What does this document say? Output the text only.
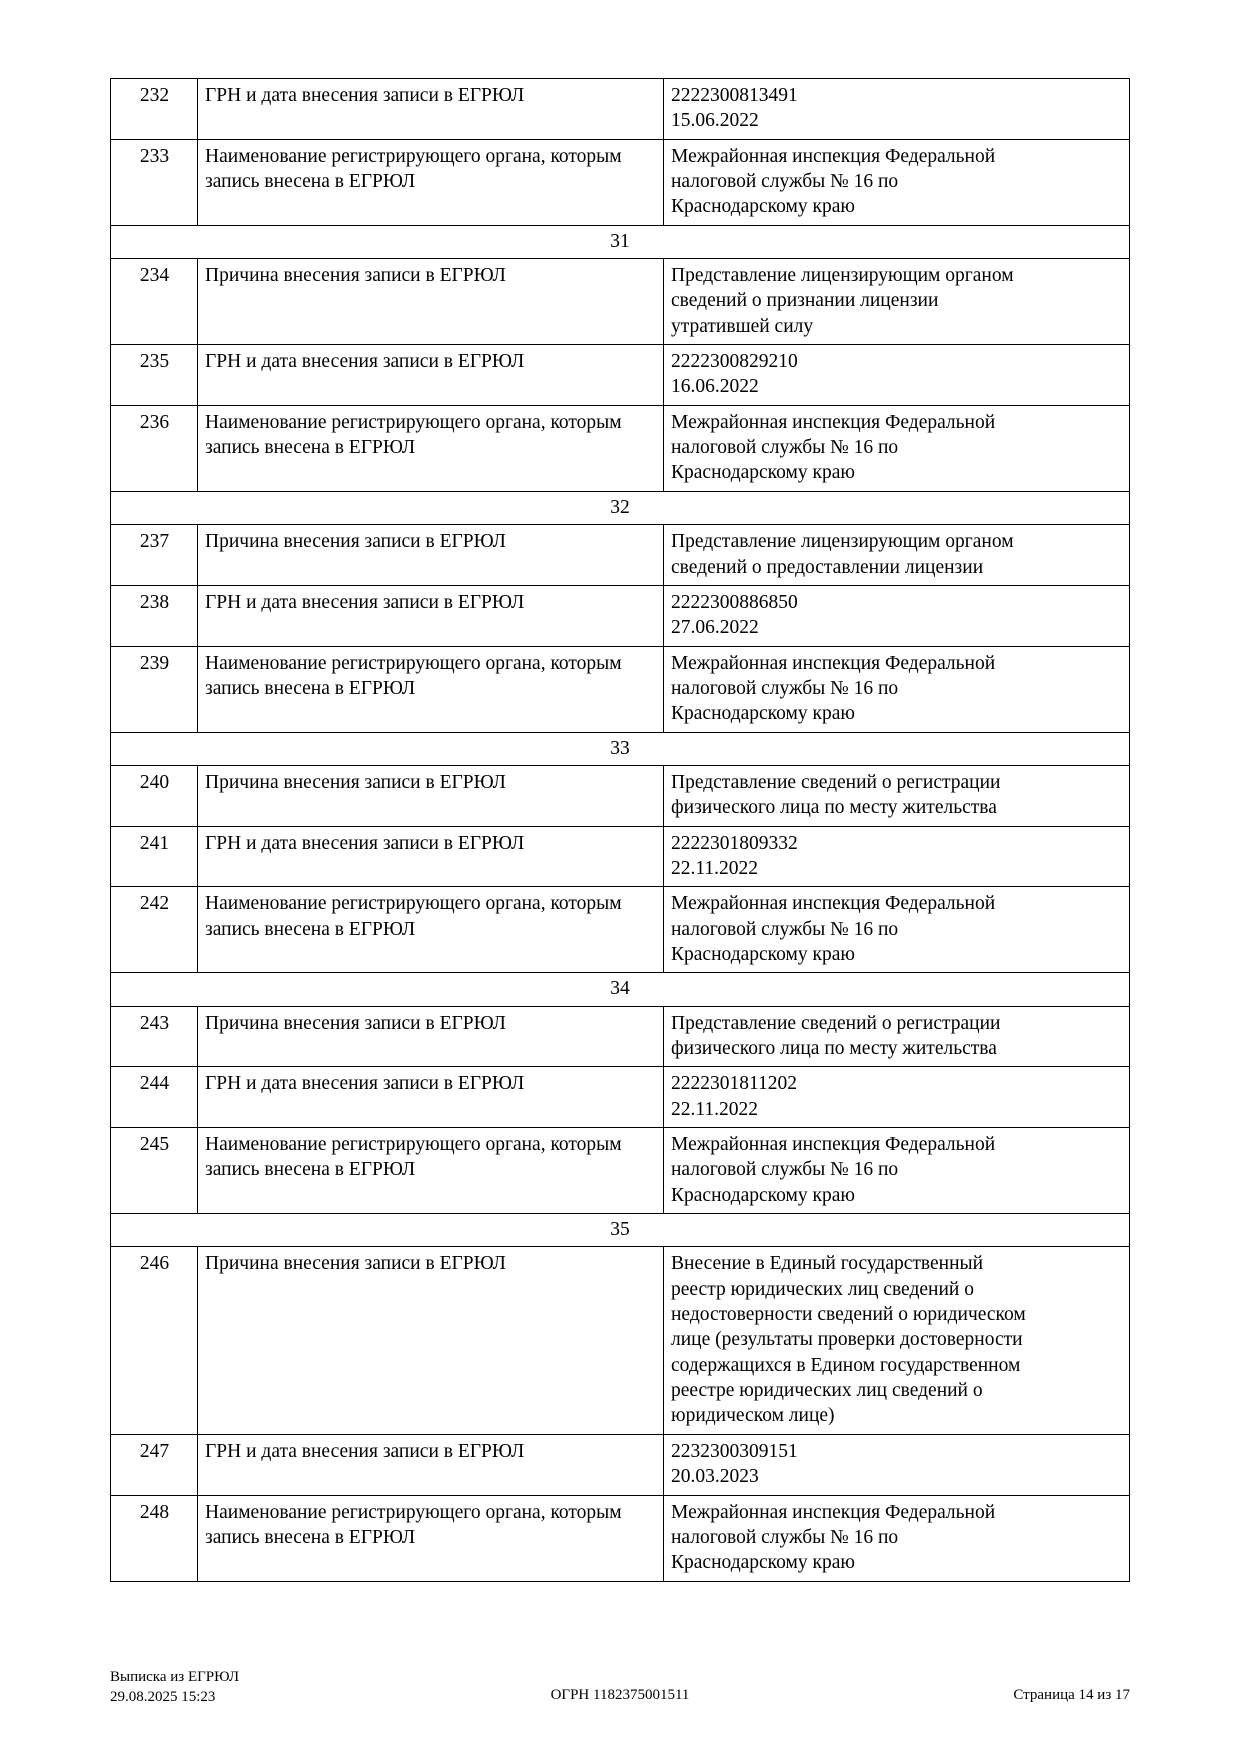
232	ГРН и дата внесения записи в ЕГРЮЛ	2222300813491
15.06.2022

233	Наименование регистрирующего органа, которым запись внесена в ЕГРЮЛ	Межрайонная инспекция Федеральной
налоговой службы № 16 по
Краснодарскому краю

31		
234	Причина внесения записи в ЕГРЮЛ	Представление лицензирующим органом
сведений о признании лицензии
утратившей силу

235	ГРН и дата внесения записи в ЕГРЮЛ	2222300829210
16.06.2022

236	Наименование регистрирующего органа, которым запись внесена в ЕГРЮЛ	Межрайонная инспекция Федеральной
налоговой службы № 16 по
Краснодарскому краю

32		
237	Причина внесения записи в ЕГРЮЛ	Представление лицензирующим органом
сведений о предоставлении лицензии

238	ГРН и дата внесения записи в ЕГРЮЛ	2222300886850
27.06.2022

239	Наименование регистрирующего органа, которым запись внесена в ЕГРЮЛ	Межрайонная инспекция Федеральной
налоговой службы № 16 по
Краснодарскому краю

33		
240	Причина внесения записи в ЕГРЮЛ	Представление сведений о регистрации
физического лица по месту жительства

241	ГРН и дата внесения записи в ЕГРЮЛ	2222301809332
22.11.2022

242	Наименование регистрирующего органа, которым запись внесена в ЕГРЮЛ	Межрайонная инспекция Федеральной
налоговой службы № 16 по
Краснодарскому краю

34		
243	Причина внесения записи в ЕГРЮЛ	Представление сведений о регистрации
физического лица по месту жительства

244	ГРН и дата внесения записи в ЕГРЮЛ	2222301811202
22.11.2022

245	Наименование регистрирующего органа, которым запись внесена в ЕГРЮЛ	Межрайонная инспекция Федеральной
налоговой службы № 16 по
Краснодарскому краю

35		
246	Причина внесения записи в ЕГРЮЛ	Внесение в Единый государственный
реестр юридических лиц сведений о
недостоверности сведений о юридическом
лице (результаты проверки достоверности
содержащихся в Едином государственном
реестре юридических лиц сведений о
юридическом лице)

247	ГРН и дата внесения записи в ЕГРЮЛ	2232300309151
20.03.2023

248	Наименование регистрирующего органа, которым запись внесена в ЕГРЮЛ	Межрайонная инспекция Федеральной
налоговой службы № 16 по
Краснодарскому краю
Выписка из ЕГРЮЛ
29.08.2025 15:23	ОГРН 1182375001511	Страница 14 из 17
